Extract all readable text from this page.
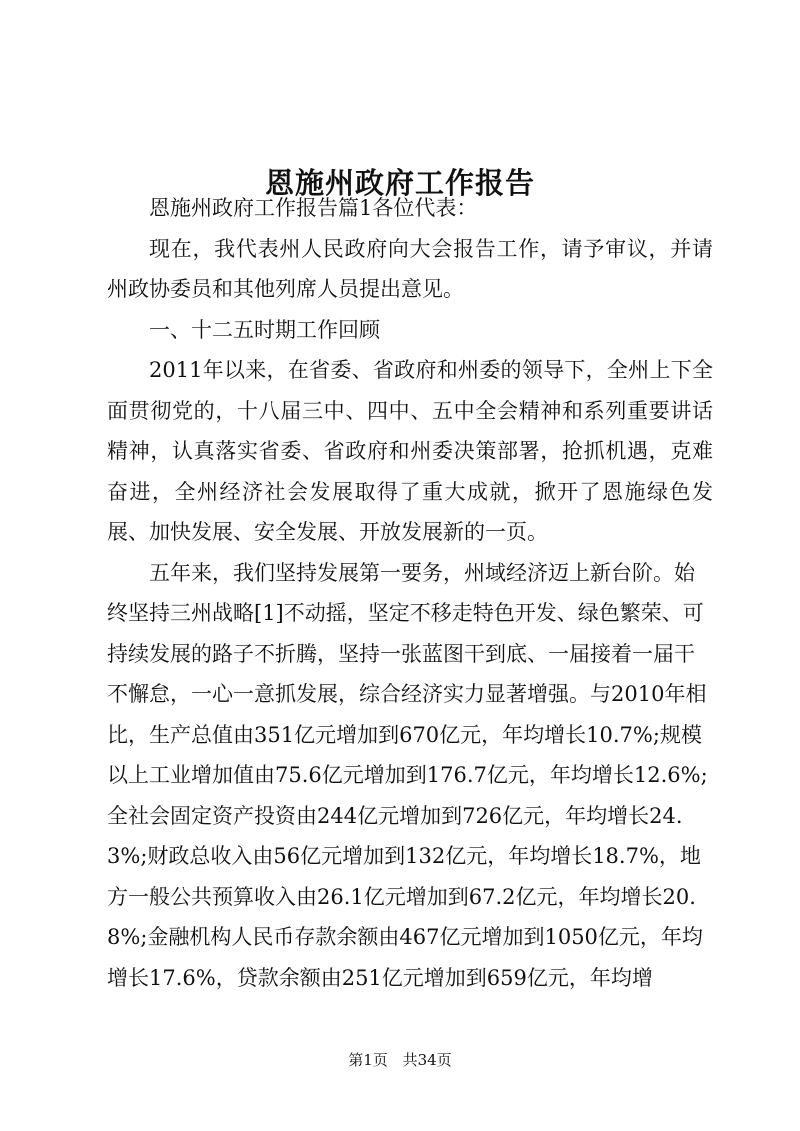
恩施州政府工作报告

恩施州政府工作报告篇1各位代表：

现在，我代表州人民政府向大会报告工作，请予审议，并请州政协委员和其他列席人员提出意见。

一、十二五时期工作回顾

2011年以来，在省委、省政府和州委的领导下，全州上下全面贯彻党的，十八届三中、四中、五中全会精神和系列重要讲话精神，认真落实省委、省政府和州委决策部署，抢抓机遇，克难奋进，全州经济社会发展取得了重大成就，掀开了恩施绿色发展、加快发展、安全发展、开放发展新的一页。

五年来，我们坚持发展第一要务，州域经济迈上新台阶。始终坚持三州战略[1]不动摇，坚定不移走特色开发、绿色繁荣、可持续发展的路子不折腾，坚持一张蓝图干到底、一届接着一届干不懈怠，一心一意抓发展，综合经济实力显著增强。与2010年相比，生产总值由351亿元增加到670亿元，年均增长10.7%;规模以上工业增加值由75.6亿元增加到176.7亿元，年均增长12.6%;全社会固定资产投资由244亿元增加到726亿元，年均增长24.3%;财政总收入由56亿元增加到132亿元，年均增长18.7%，地方一般公共预算收入由26.1亿元增加到67.2亿元，年均增长20.8%;金融机构人民币存款余额由467亿元增加到1050亿元，年均增长17.6%，贷款余额由251亿元增加到659亿元，年均增

第1页 共34页
